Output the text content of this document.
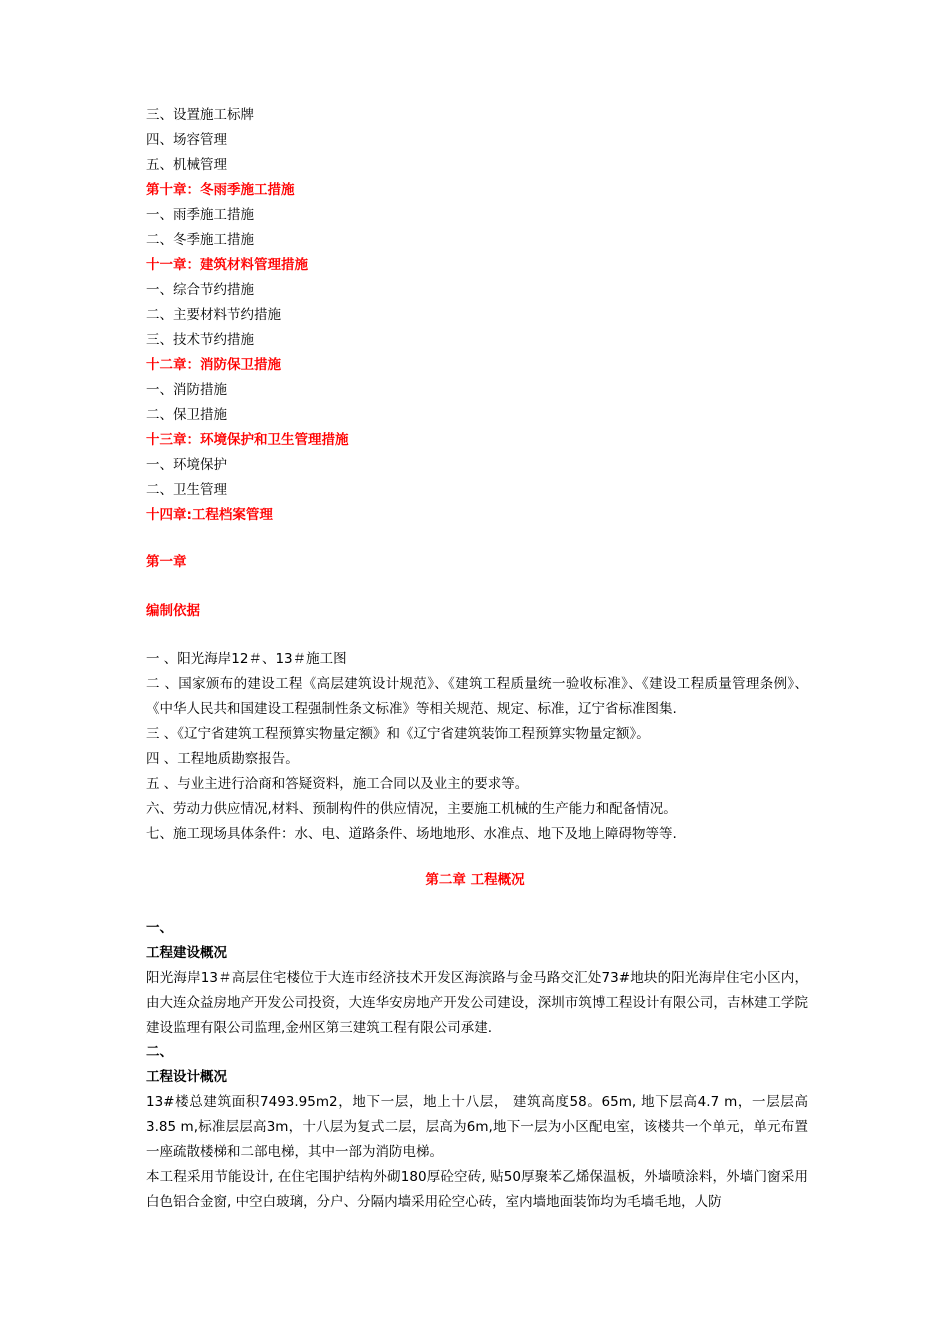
三、设置施工标牌
四、场容管理
五、机械管理
第十章：冬雨季施工措施
一、雨季施工措施
二、冬季施工措施
十一章：建筑材料管理措施
一、综合节约措施
二、主要材料节约措施
三、技术节约措施
十二章：消防保卫措施
一、消防措施
二、保卫措施
十三章：环境保护和卫生管理措施
一、环境保护
二、卫生管理
十四章:工程档案管理
第一章
编制依据
一 、阳光海岸12＃、13＃施工图
二 、国家颁布的建设工程《高层建筑设计规范》、《建筑工程质量统一验收标准》、《建设工程质量管理条例》、《中华人民共和国建设工程强制性条文标准》等相关规范、规定、标准，辽宁省标准图集.
三 、《辽宁省建筑工程预算实物量定额》和《辽宁省建筑装饰工程预算实物量定额》。
四 、工程地质勘察报告。
五 、与业主进行洽商和答疑资料，施工合同以及业主的要求等。
六、劳动力供应情况,材料、预制构件的供应情况，主要施工机械的生产能力和配备情况。
七、施工现场具体条件：水、电、道路条件、场地地形、水准点、地下及地上障碍物等等.
第二章 工程概况
一、
工程建设概况
阳光海岸13＃高层住宅楼位于大连市经济技术开发区海滨路与金马路交汇处73#地块的阳光海岸住宅小区内，由大连众益房地产开发公司投资，大连华安房地产开发公司建设，深圳市筑博工程设计有限公司，吉林建工学院建设监理有限公司监理,金州区第三建筑工程有限公司承建.
二、
工程设计概况
13#楼总建筑面积7493.95m2，地下一层，地上十八层， 建筑高度58。65m, 地下层高4.7 m，一层层高3.85 m,标准层层高3m，十八层为复式二层，层高为6m,地下一层为小区配电室，该楼共一个单元，单元布置一座疏散楼梯和二部电梯，其中一部为消防电梯。
本工程采用节能设计, 在住宅围护结构外砌180厚砼空砖, 贴50厚聚苯乙烯保温板，外墙喷涂料，外墙门窗采用白色铝合金窗, 中空白玻璃，分户、分隔内墙采用砼空心砖，室内墙地面装饰均为毛墙毛地，人防
